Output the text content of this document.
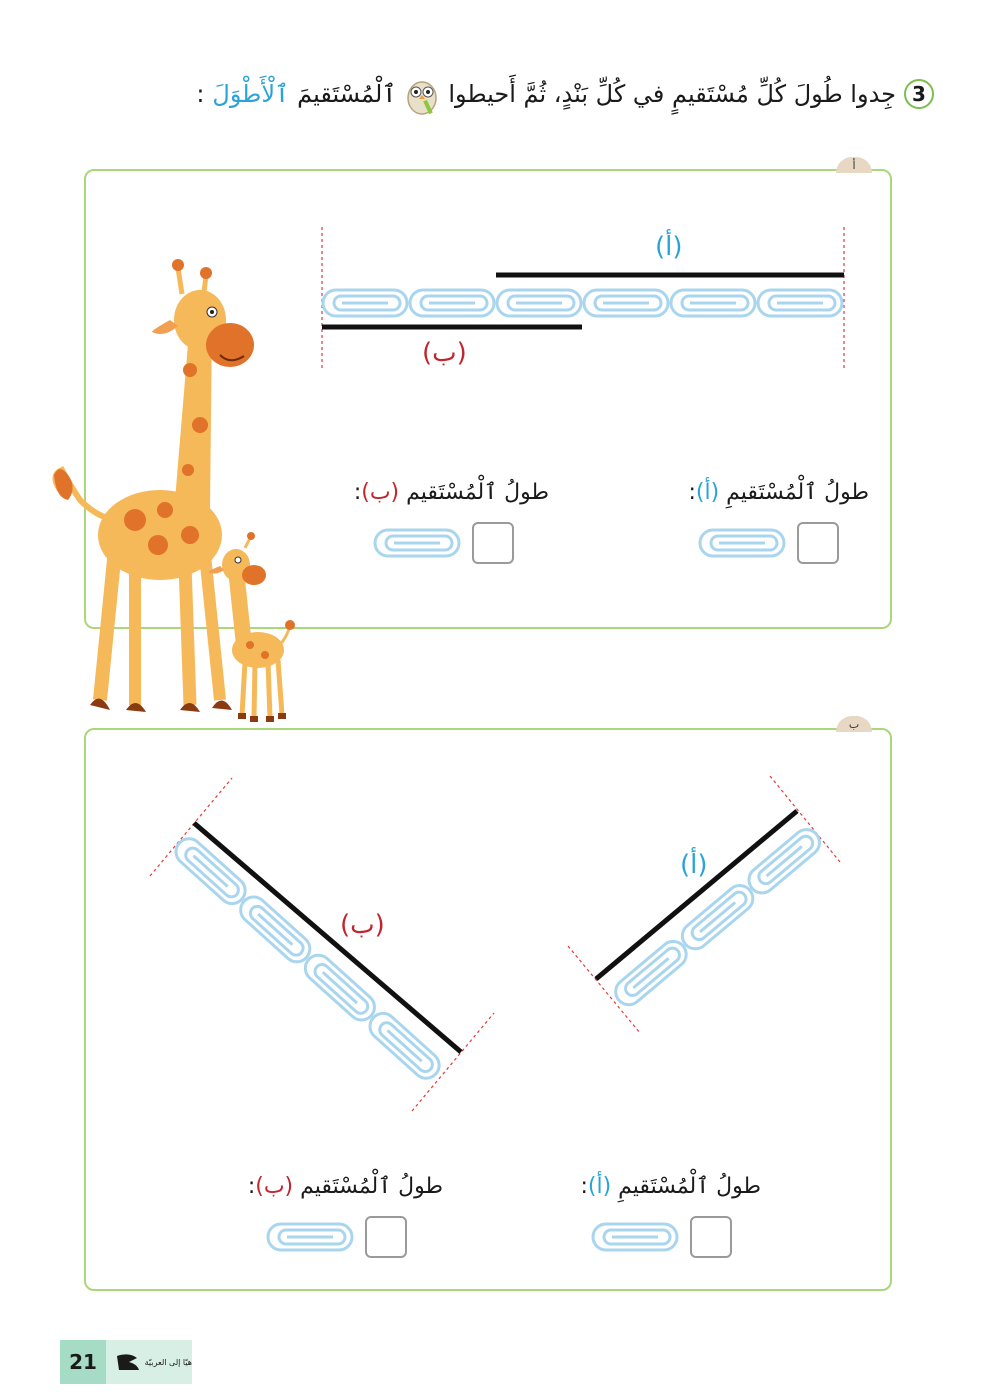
3
جِدوا طُولَ كُلِّ مُسْتَقيمٍ في كُلِّ بَنْدٍ، ثُمَّ أَحيطوا
ٱلْمُسْتَقيمَ
ٱلْأَطْوَلَ
:
أ
(أ)
(ب)
طولُ ٱلْمُسْتَقيمِ (أ):
طولُ ٱلْمُسْتَقيم (ب):
ب
(أ)
(ب)
طولُ ٱلْمُسْتَقيمِ (أ):
طولُ ٱلْمُسْتَقيم (ب):
21	هيّا إلى العربيّة
